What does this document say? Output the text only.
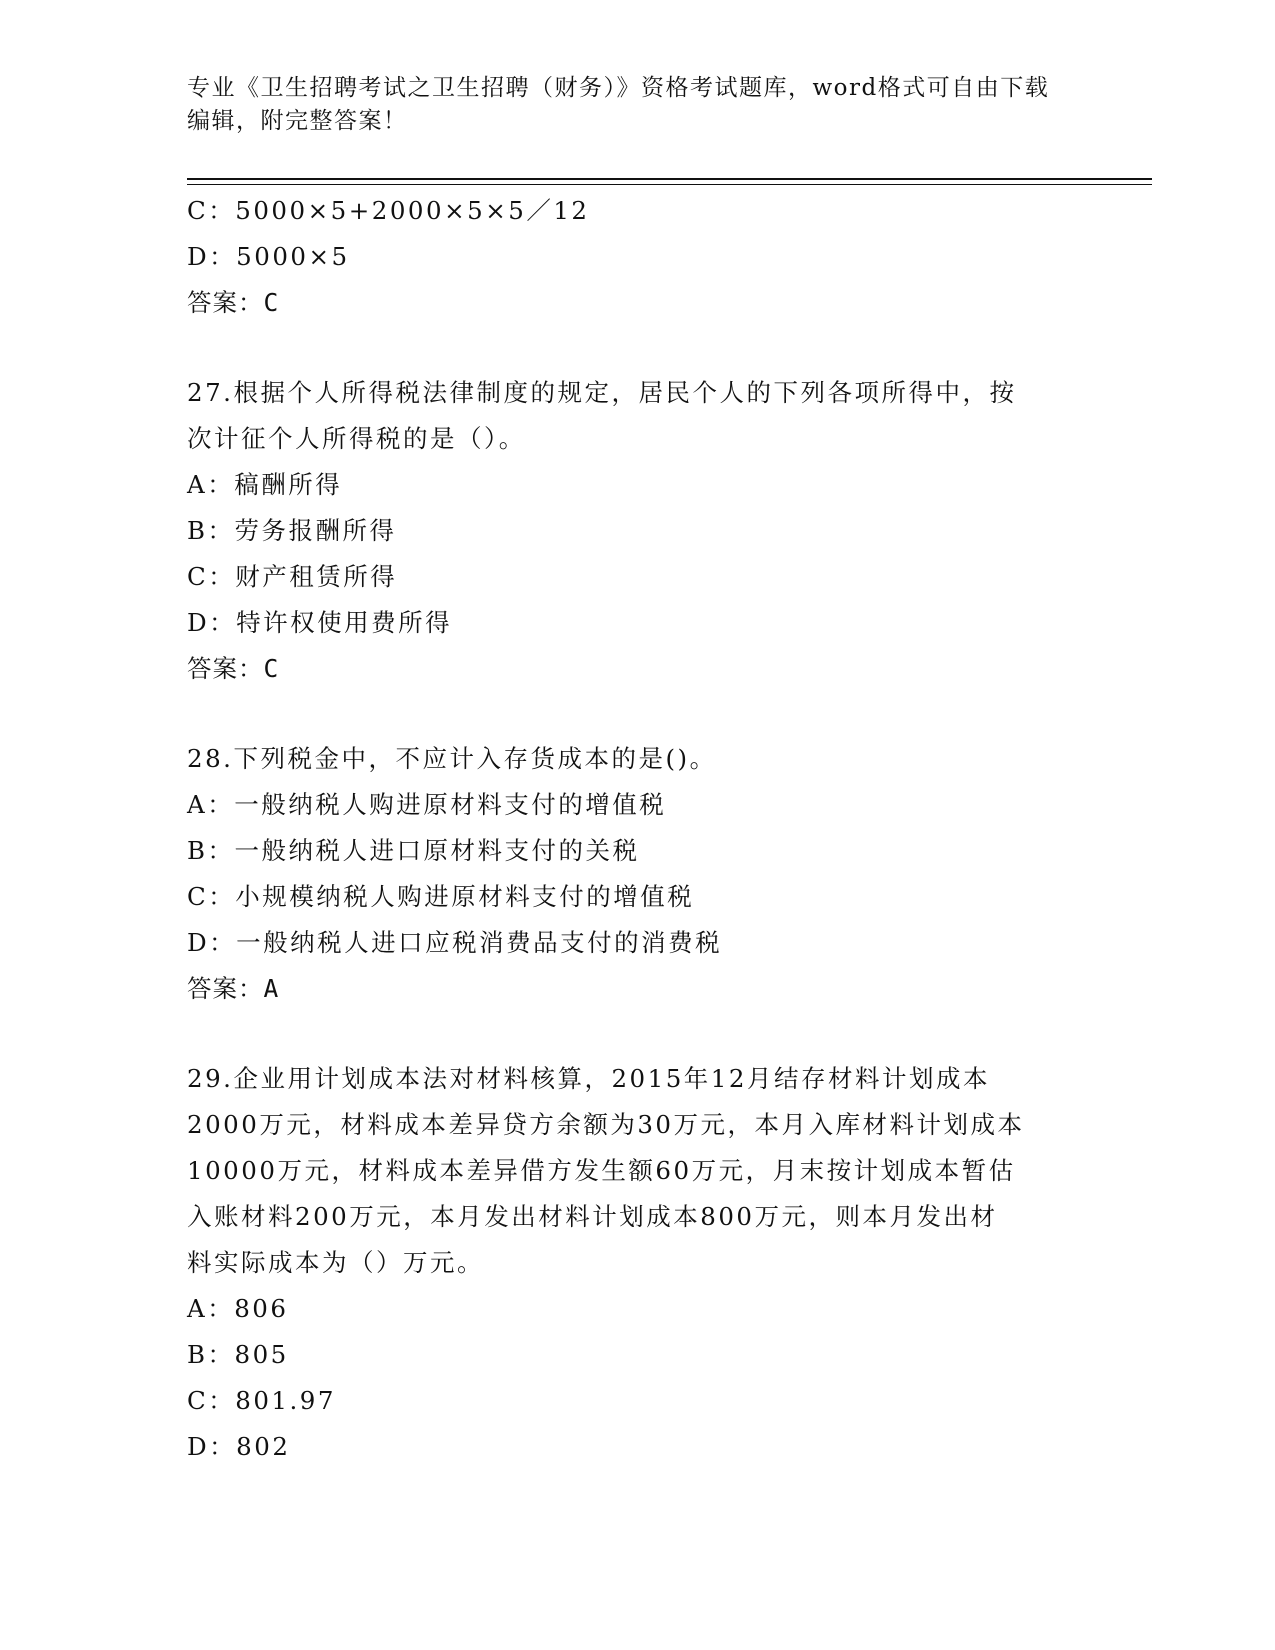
专业《卫生招聘考试之卫生招聘（财务）》资格考试题库，word格式可自由下载
编辑，附完整答案！
C：5000×5+2000×5×5／12
D：5000×5
答案：C
27.根据个人所得税法律制度的规定，居民个人的下列各项所得中，按
次计征个人所得税的是（）。
A：稿酬所得
B：劳务报酬所得
C：财产租赁所得
D：特许权使用费所得
答案：C
28.下列税金中，不应计入存货成本的是()。
A：一般纳税人购进原材料支付的增值税
B：一般纳税人进口原材料支付的关税
C：小规模纳税人购进原材料支付的增值税
D：一般纳税人进口应税消费品支付的消费税
答案：A
29.企业用计划成本法对材料核算，2015年12月结存材料计划成本
2000万元，材料成本差异贷方余额为30万元，本月入库材料计划成本
10000万元，材料成本差异借方发生额60万元，月末按计划成本暂估
入账材料200万元，本月发出材料计划成本800万元，则本月发出材
料实际成本为（）万元。
A：806
B：805
C：801.97
D：802
